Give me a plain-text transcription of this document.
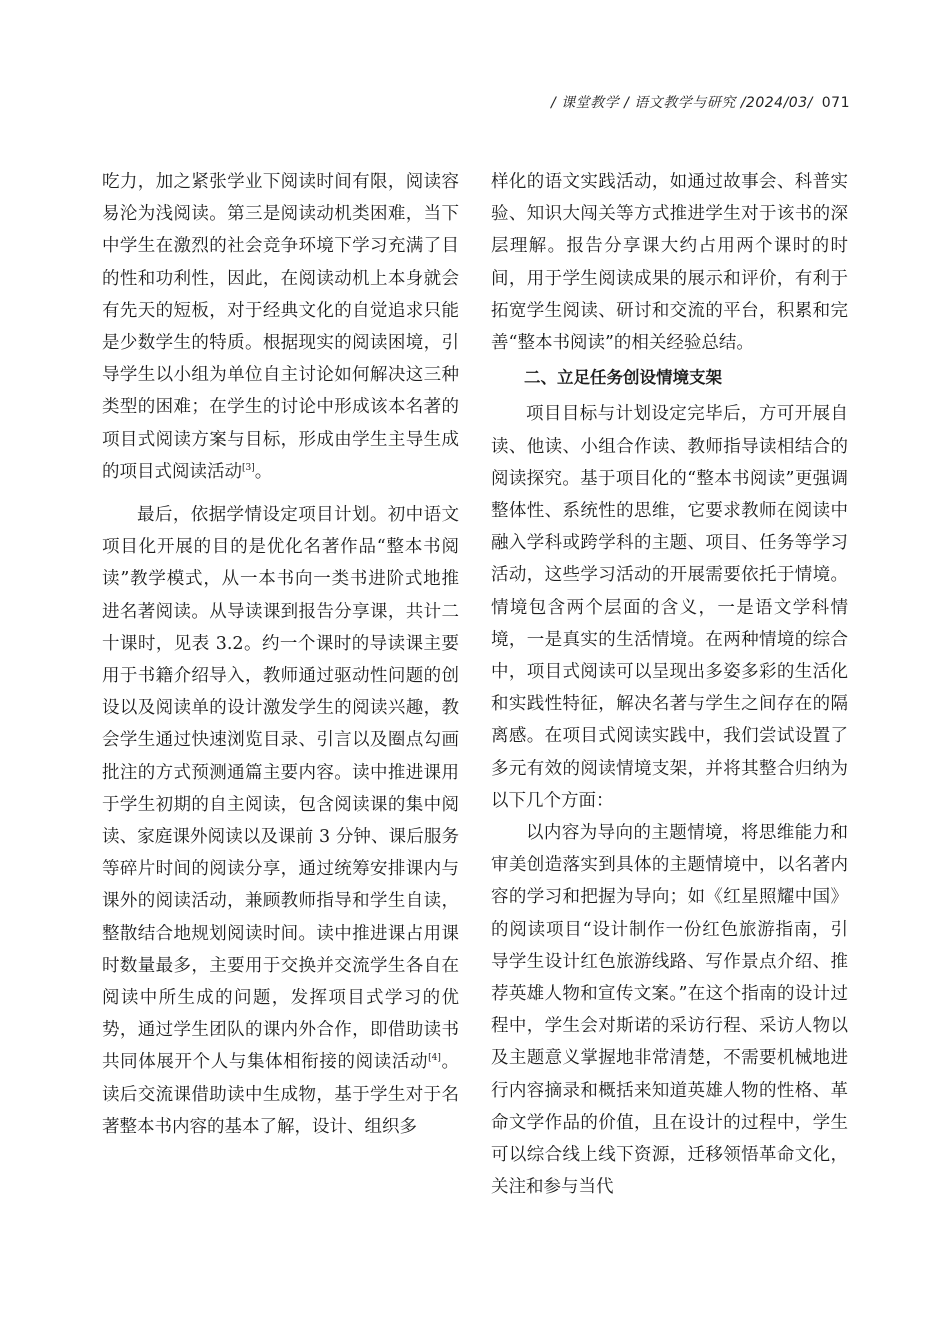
/ 课堂教学 / 语文教学与研究 /2024/03/ 071

吃力，加之紧张学业下阅读时间有限，阅读容易沦为浅阅读。第三是阅读动机类困难，当下中学生在激烈的社会竞争环境下学习充满了目的性和功利性，因此，在阅读动机上本身就会有先天的短板，对于经典文化的自觉追求只能是少数学生的特质。根据现实的阅读困境，引导学生以小组为单位自主讨论如何解决这三种类型的困难；在学生的讨论中形成该本名著的项目式阅读方案与目标，形成由学生主导生成的项目式阅读活动[3]。

最后，依据学情设定项目计划。初中语文项目化开展的目的是优化名著作品“整本书阅读”教学模式，从一本书向一类书进阶式地推进名著阅读。从导读课到报告分享课，共计二十课时，见表 3.2。约一个课时的导读课主要用于书籍介绍导入，教师通过驱动性问题的创设以及阅读单的设计激发学生的阅读兴趣，教会学生通过快速浏览目录、引言以及圈点勾画批注的方式预测通篇主要内容。读中推进课用于学生初期的自主阅读，包含阅读课的集中阅读、家庭课外阅读以及课前 3 分钟、课后服务等碎片时间的阅读分享，通过统筹安排课内与课外的阅读活动，兼顾教师指导和学生自读，整散结合地规划阅读时间。读中推进课占用课时数量最多，主要用于交换并交流学生各自在阅读中所生成的问题，发挥项目式学习的优势，通过学生团队的课内外合作，即借助读书共同体展开个人与集体相衔接的阅读活动[4]。读后交流课借助读中生成物，基于学生对于名著整本书内容的基本了解，设计、组织多

样化的语文实践活动，如通过故事会、科普实验、知识大闯关等方式推进学生对于该书的深层理解。报告分享课大约占用两个课时的时间，用于学生阅读成果的展示和评价，有利于拓宽学生阅读、研讨和交流的平台，积累和完善“整本书阅读”的相关经验总结。

二、立足任务创设情境支架

项目目标与计划设定完毕后，方可开展自读、他读、小组合作读、教师指导读相结合的阅读探究。基于项目化的“整本书阅读”更强调整体性、系统性的思维，它要求教师在阅读中融入学科或跨学科的主题、项目、任务等学习活动，这些学习活动的开展需要依托于情境。情境包含两个层面的含义，一是语文学科情境，一是真实的生活情境。在两种情境的综合中，项目式阅读可以呈现出多姿多彩的生活化和实践性特征，解决名著与学生之间存在的隔离感。在项目式阅读实践中，我们尝试设置了多元有效的阅读情境支架，并将其整合归纳为以下几个方面：

以内容为导向的主题情境，将思维能力和审美创造落实到具体的主题情境中，以名著内容的学习和把握为导向；如《红星照耀中国》的阅读项目“设计制作一份红色旅游指南，引导学生设计红色旅游线路、写作景点介绍、推荐英雄人物和宣传文案。”在这个指南的设计过程中，学生会对斯诺的采访行程、采访人物以及主题意义掌握地非常清楚，不需要机械地进行内容摘录和概括来知道英雄人物的性格、革命文学作品的价值，且在设计的过程中，学生可以综合线上线下资源，迁移领悟革命文化，关注和参与当代
